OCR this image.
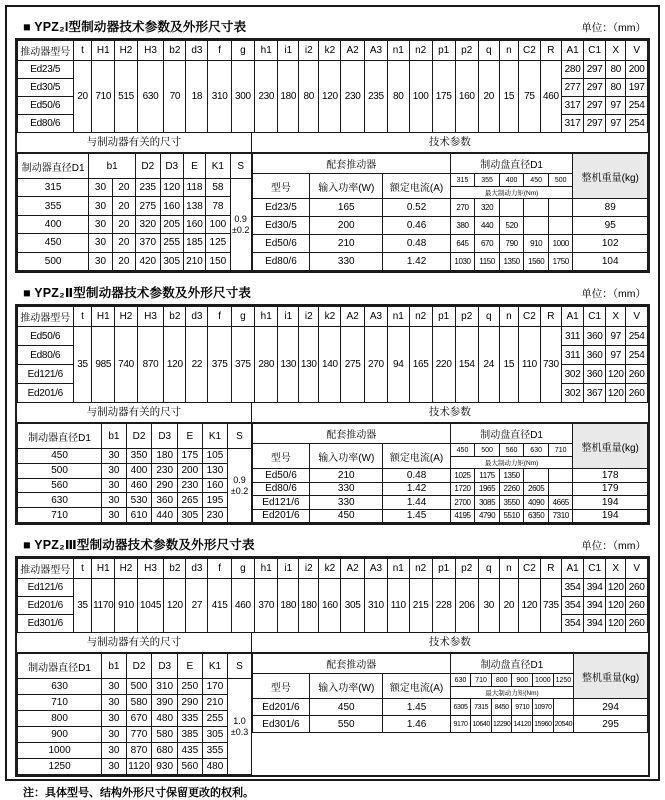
■ YPZ₂I型制动器技术参数及外形尺寸表	单位：（mm）
推动器型号	t	H1	H2	H3	b2	d3	f	g	h1	i1	i2	k2	A2	A3	n1	n2	p1	p2	q	n	C2	R	A1	C1	X	V
Ed23/5	20	710	515	630	70	18	310	300	230	180	80	120	230	235	80	100	175	160	20	15	75	460	280	297	80	200
Ed30/5																							277	297	80	197
Ed50/6																							317	297	97	254
Ed80/6																							317	297	97	254
与制动器有关的尺寸	技术参数
制动器直径D1	b1		D2	D3	E	K1	S
315	30	20	235	120	118	58	0.9
±0.2

355	30	20	275	160	138	78	
400	30	20	320	205	160	100	
450	30	20	370	255	185	125	
500	30	20	420	305	210	150	
配套推动器			制动盘直径D1					整机重量(kg)
型号	输入功率(W)	额定电流(A)	315	355	400	450	500	
			最大制动力矩(Nm)					
Ed23/5	165	0.52	270	320				89
Ed30/5	200	0.46	380	440	520			95
Ed50/6	210	0.48	645	670	790	910	1000	102
Ed80/6	330	1.42	1030	1150	1350	1560	1750	104
■ YPZ₂Ⅱ型制动器技术参数及外形尺寸表	单位：（mm）
推动器型号	t	H1	H2	H3	b2	d3	f	g	h1	i1	i2	k2	A2	A3	n1	n2	p1	p2	q	n	C2	R	A1	C1	X	V
Ed50/6	35	985	740	870	120	22	375	375	280	130	130	140	275	270	94	165	220	154	24	15	110	730	311	360	97	254
Ed80/6																							311	360	97	254
Ed121/6																							302	360	120	260
Ed201/6																							302	367	120	260
与制动器有关的尺寸	技术参数
制动器直径D1	b1	D2	D3	E	K1	S
450	30	350	180	175	105	0.9
±0.2

500	30	400	230	200	130	
560	30	460	290	230	160	
630	30	530	360	265	195	
710	30	610	440	305	230	
配套推动器			制动盘直径D1					整机重量(kg)
型号	输入功率(W)	额定电流(A)	450	500	560	630	710	
			最大制动力矩(Nm)					
Ed50/6	210	0.48	1025	1175	1350			178
Ed80/6	330	1.42	1720	1965	2260	2605		179
Ed121/6	330	1.44	2700	3085	3550	4090	4665	194
Ed201/6	450	1.45	4195	4790	5510	6350	7310	194
■ YPZ₂Ⅲ型制动器技术参数及外形尺寸表	单位：（mm）
推动器型号	t	H1	H2	H3	b2	d3	f	g	h1	i1	i2	k2	A2	A3	n1	n2	p1	p2	q	n	C2	R	A1	C1	X	V
Ed121/6	35	1170	910	1045	120	27	415	460	370	180	180	160	305	310	110	215	228	206	30	20	120	735	354	394	120	260
Ed201/6																							354	394	120	260
Ed301/6																							354	394	120	260
与制动器有关的尺寸	技术参数
制动器直径D1	b1	D2	D3	E	K1	S
630	30	500	310	250	170	1.0
±0.3

710	30	580	390	290	210	
800	30	670	480	335	255	
900	30	770	580	385	305	
1000	30	870	680	435	355	
1250	30	1120	930	560	480	
配套推动器			制动盘直径D1						整机重量(kg)
型号	输入功率(W)	额定电流(A)	630	710	800	900	1000	1250	
			最大制动力矩(Nm)						
Ed201/6	450	1.45	6305	7315	8450	9710	10970		294
Ed301/6	550	1.46	9170	10640	12290	14120	15960	20540	295

注：具体型号、结构外形尺寸保留更改的权利。
